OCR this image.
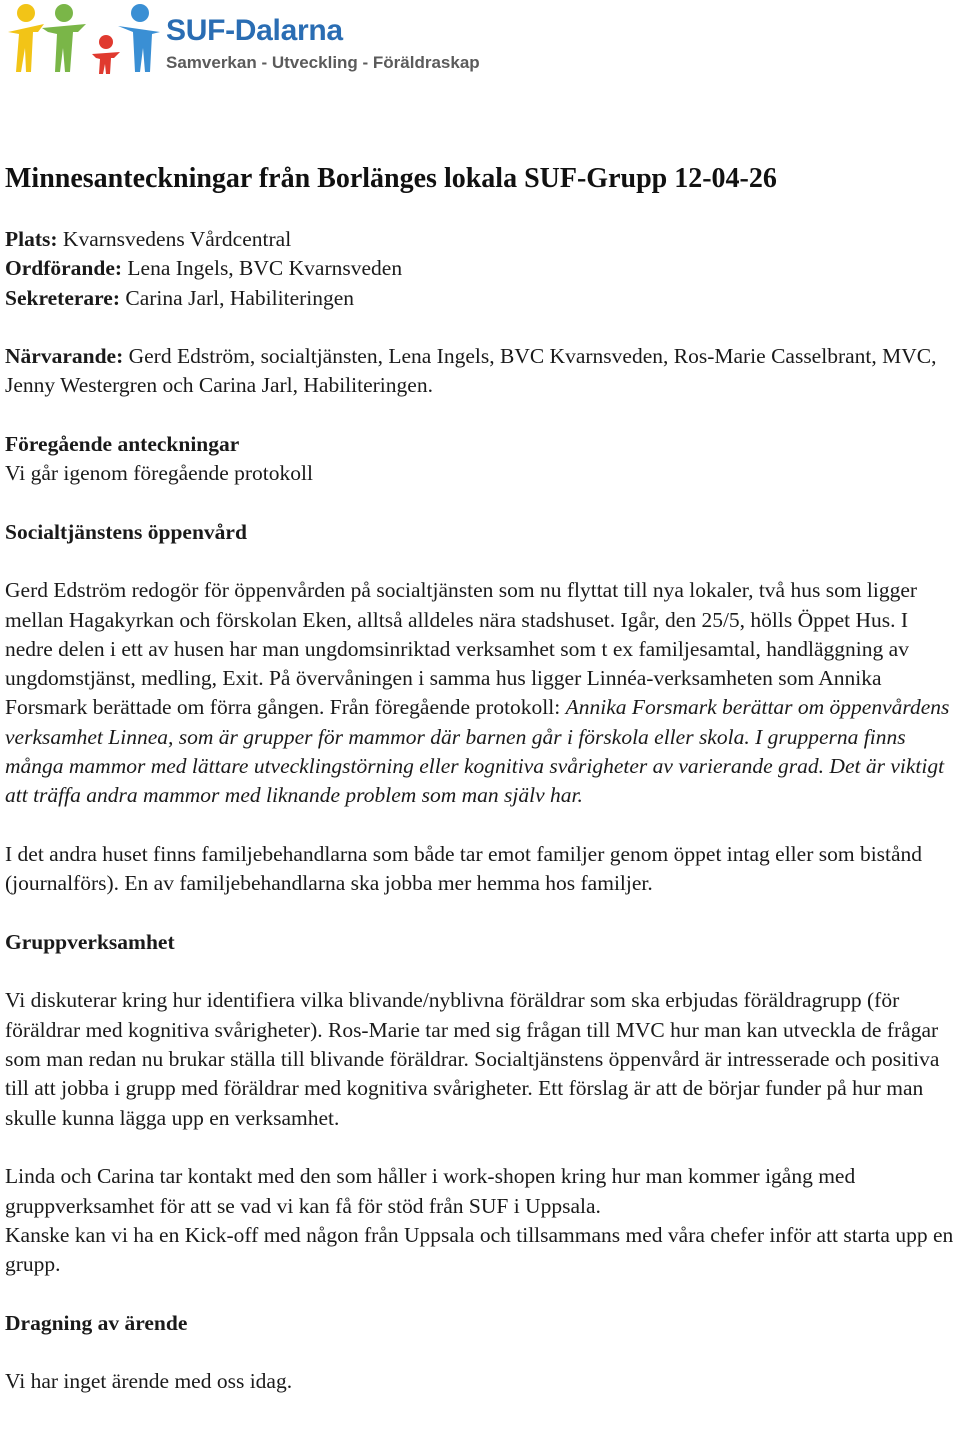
SUF-Dalarna
Samverkan - Utveckling - Föräldraskap
Minnesanteckningar från Borlänges lokala SUF-Grupp 12-04-26
Plats: Kvarnsvedens Vårdcentral
Ordförande: Lena Ingels, BVC Kvarnsveden
Sekreterare: Carina Jarl, Habiliteringen
Närvarande: Gerd Edström, socialtjänsten, Lena Ingels, BVC Kvarnsveden, Ros-Marie Casselbrant, MVC, Jenny Westergren och Carina Jarl, Habiliteringen.
Föregående anteckningar
Vi går igenom föregående protokoll
Socialtjänstens öppenvård

Gerd Edström redogör för öppenvården på socialtjänsten som nu flyttat till nya lokaler, två hus som ligger mellan Hagakyrkan och förskolan Eken, alltså alldeles nära stadshuset. Igår, den 25/5, hölls Öppet Hus. I nedre delen i ett av husen har man ungdomsinriktad verksamhet som t ex familjesamtal, handläggning av ungdomstjänst, medling, Exit. På övervåningen i samma hus ligger Linnéa-verksamheten som Annika Forsmark berättade om förra gången. Från föregående protokoll: Annika Forsmark berättar om öppenvårdens verksamhet Linnea, som är grupper för mammor där barnen går i förskola eller skola. I grupperna finns många mammor med lättare utvecklingstörning eller kognitiva svårigheter av varierande grad. Det är viktigt att träffa andra mammor med liknande problem som man själv har.

I det andra huset finns familjebehandlarna som både tar emot familjer genom öppet intag eller som bistånd (journalförs). En av familjebehandlarna ska jobba mer hemma hos familjer.

Gruppverksamhet

Vi diskuterar kring hur identifiera vilka blivande/nyblivna föräldrar som ska erbjudas föräldragrupp (för föräldrar med kognitiva svårigheter). Ros-Marie tar med sig frågan till MVC hur man kan utveckla de frågar som man redan nu brukar ställa till blivande föräldrar. Socialtjänstens öppenvård är intresserade och positiva till att jobba i grupp med föräldrar med kognitiva svårigheter. Ett förslag är att de börjar funder på hur man skulle kunna lägga upp en verksamhet.

Linda och Carina tar kontakt med den som håller i work-shopen kring hur man kommer igång med gruppverksamhet för att se vad vi kan få för stöd från SUF i Uppsala.

Kanske kan vi ha en Kick-off med någon från Uppsala och tillsammans med våra chefer inför att starta upp en grupp.

Dragning av ärende
Vi har inget ärende med oss idag.
